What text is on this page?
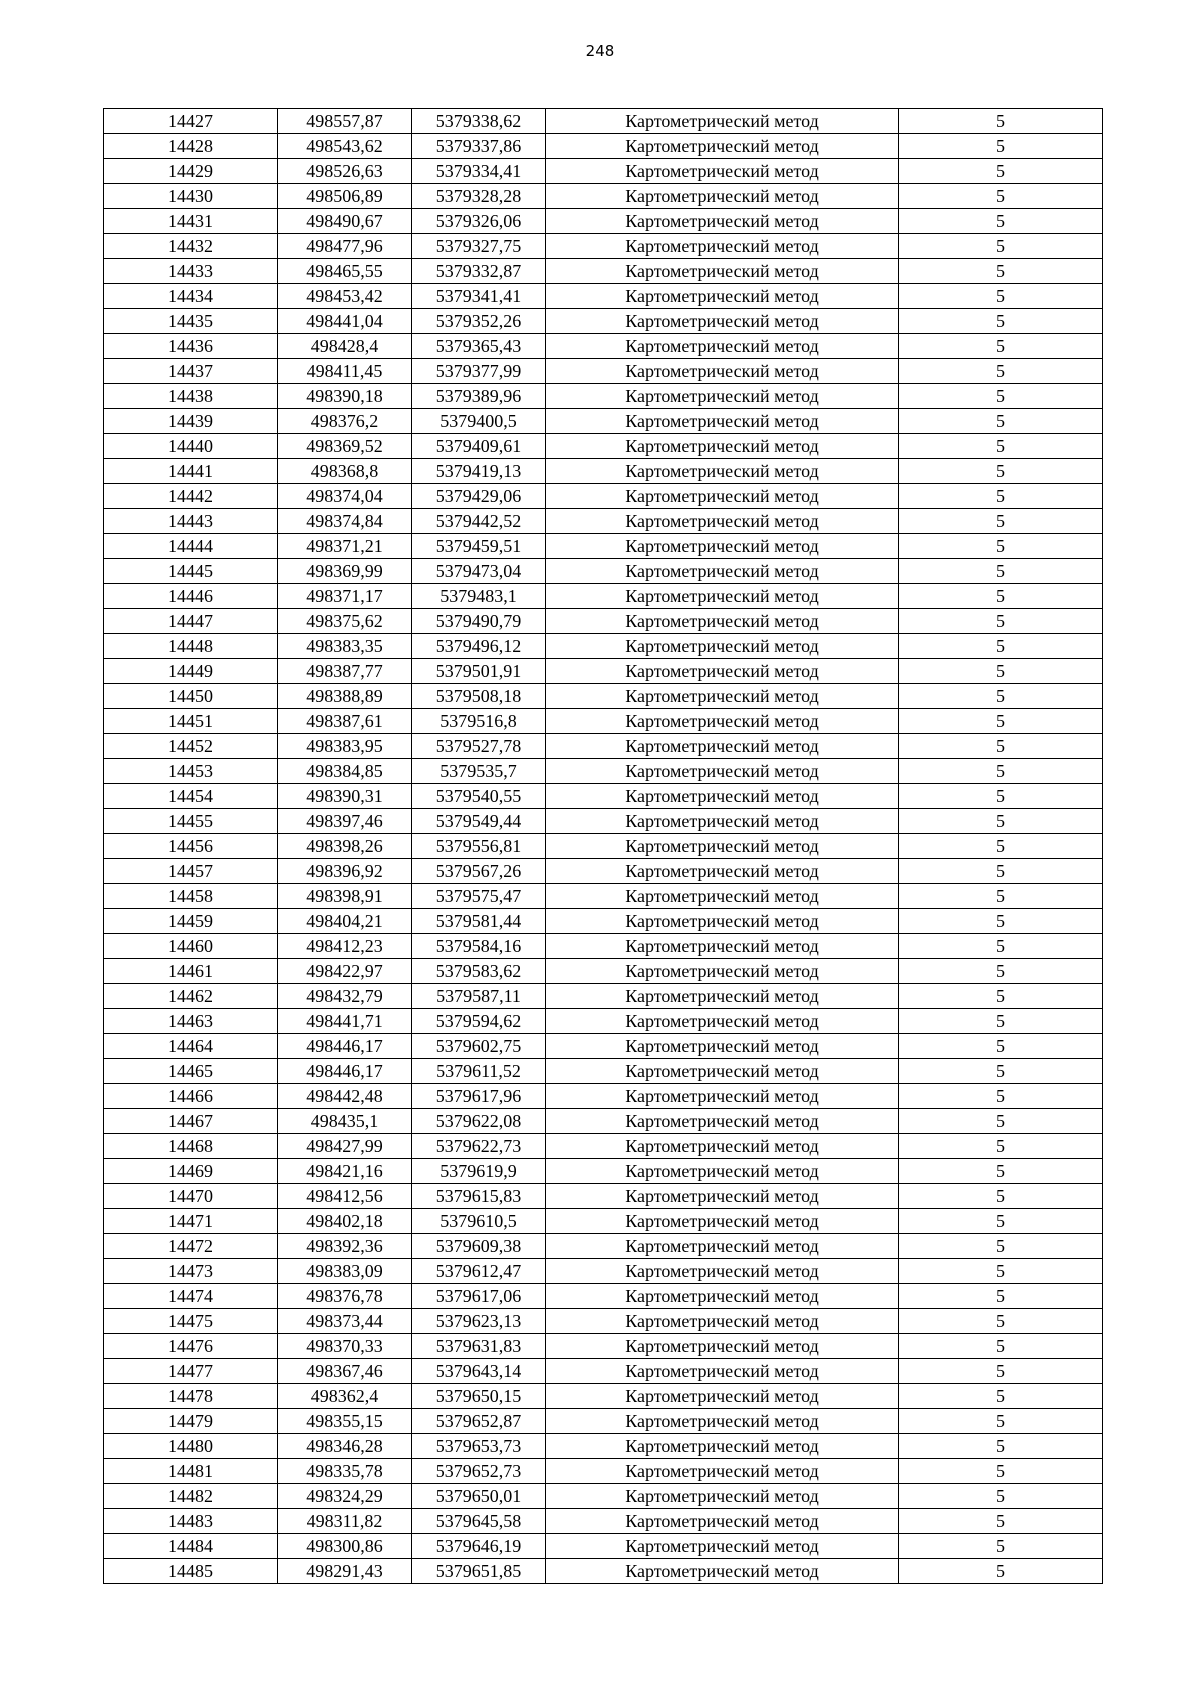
248
14427	498557,87	5379338,62	Картометрический метод	5
14428	498543,62	5379337,86	Картометрический метод	5
14429	498526,63	5379334,41	Картометрический метод	5
14430	498506,89	5379328,28	Картометрический метод	5
14431	498490,67	5379326,06	Картометрический метод	5
14432	498477,96	5379327,75	Картометрический метод	5
14433	498465,55	5379332,87	Картометрический метод	5
14434	498453,42	5379341,41	Картометрический метод	5
14435	498441,04	5379352,26	Картометрический метод	5
14436	498428,4	5379365,43	Картометрический метод	5
14437	498411,45	5379377,99	Картометрический метод	5
14438	498390,18	5379389,96	Картометрический метод	5
14439	498376,2	5379400,5	Картометрический метод	5
14440	498369,52	5379409,61	Картометрический метод	5
14441	498368,8	5379419,13	Картометрический метод	5
14442	498374,04	5379429,06	Картометрический метод	5
14443	498374,84	5379442,52	Картометрический метод	5
14444	498371,21	5379459,51	Картометрический метод	5
14445	498369,99	5379473,04	Картометрический метод	5
14446	498371,17	5379483,1	Картометрический метод	5
14447	498375,62	5379490,79	Картометрический метод	5
14448	498383,35	5379496,12	Картометрический метод	5
14449	498387,77	5379501,91	Картометрический метод	5
14450	498388,89	5379508,18	Картометрический метод	5
14451	498387,61	5379516,8	Картометрический метод	5
14452	498383,95	5379527,78	Картометрический метод	5
14453	498384,85	5379535,7	Картометрический метод	5
14454	498390,31	5379540,55	Картометрический метод	5
14455	498397,46	5379549,44	Картометрический метод	5
14456	498398,26	5379556,81	Картометрический метод	5
14457	498396,92	5379567,26	Картометрический метод	5
14458	498398,91	5379575,47	Картометрический метод	5
14459	498404,21	5379581,44	Картометрический метод	5
14460	498412,23	5379584,16	Картометрический метод	5
14461	498422,97	5379583,62	Картометрический метод	5
14462	498432,79	5379587,11	Картометрический метод	5
14463	498441,71	5379594,62	Картометрический метод	5
14464	498446,17	5379602,75	Картометрический метод	5
14465	498446,17	5379611,52	Картометрический метод	5
14466	498442,48	5379617,96	Картометрический метод	5
14467	498435,1	5379622,08	Картометрический метод	5
14468	498427,99	5379622,73	Картометрический метод	5
14469	498421,16	5379619,9	Картометрический метод	5
14470	498412,56	5379615,83	Картометрический метод	5
14471	498402,18	5379610,5	Картометрический метод	5
14472	498392,36	5379609,38	Картометрический метод	5
14473	498383,09	5379612,47	Картометрический метод	5
14474	498376,78	5379617,06	Картометрический метод	5
14475	498373,44	5379623,13	Картометрический метод	5
14476	498370,33	5379631,83	Картометрический метод	5
14477	498367,46	5379643,14	Картометрический метод	5
14478	498362,4	5379650,15	Картометрический метод	5
14479	498355,15	5379652,87	Картометрический метод	5
14480	498346,28	5379653,73	Картометрический метод	5
14481	498335,78	5379652,73	Картометрический метод	5
14482	498324,29	5379650,01	Картометрический метод	5
14483	498311,82	5379645,58	Картометрический метод	5
14484	498300,86	5379646,19	Картометрический метод	5
14485	498291,43	5379651,85	Картометрический метод	5
